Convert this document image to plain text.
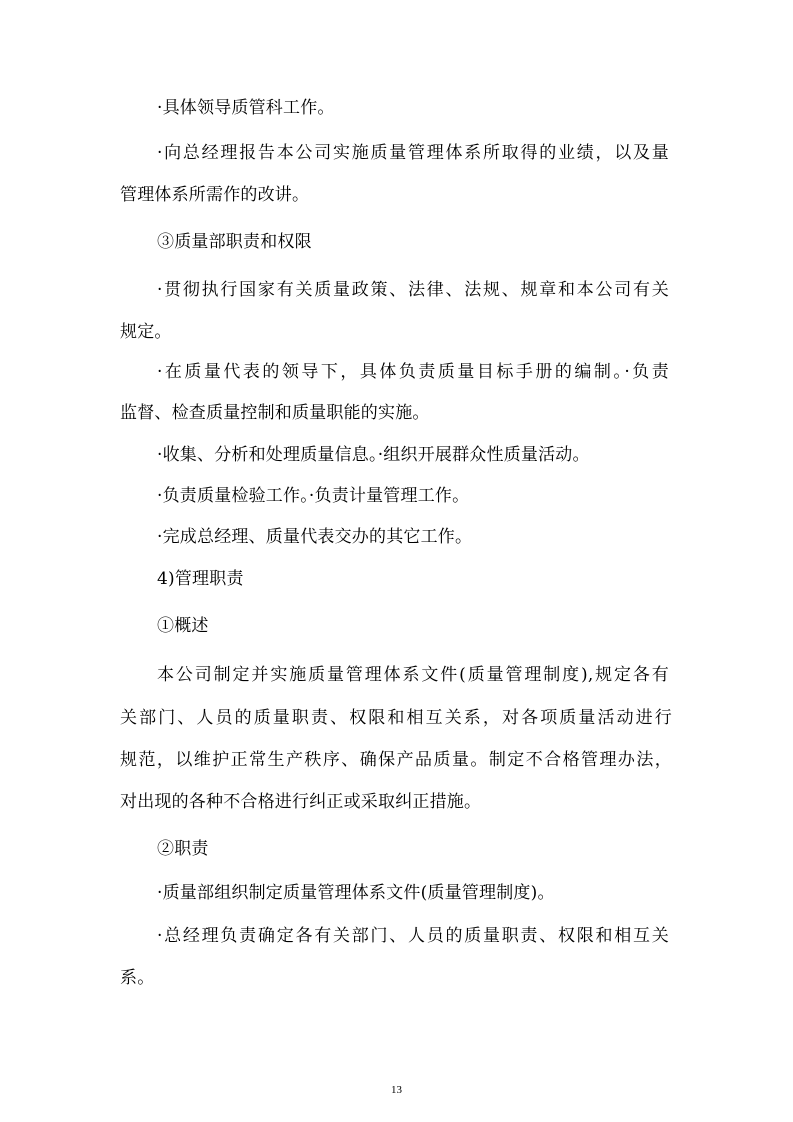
·具体领导质管科工作。
·向总经理报告本公司实施质量管理体系所取得的业绩，以及量
管理体系所需作的改讲。
③质量部职责和权限
·贯彻执行国家有关质量政策、法律、法规、规章和本公司有关
规定。
·在质量代表的领导下，具体负责质量目标手册的编制。·负责
监督、检查质量控制和质量职能的实施。
·收集、分析和处理质量信息。·组织开展群众性质量活动。
·负责质量检验工作。·负责计量管理工作。
·完成总经理、质量代表交办的其它工作。
4)管理职责
①概述
本公司制定并实施质量管理体系文件(质量管理制度),规定各有
关部门、人员的质量职责、权限和相互关系，对各项质量活动进行
规范，以维护正常生产秩序、确保产品质量。制定不合格管理办法，
对出现的各种不合格进行纠正或采取纠正措施。
②职责
·质量部组织制定质量管理体系文件(质量管理制度)。
·总经理负责确定各有关部门、人员的质量职责、权限和相互关
系。
13
